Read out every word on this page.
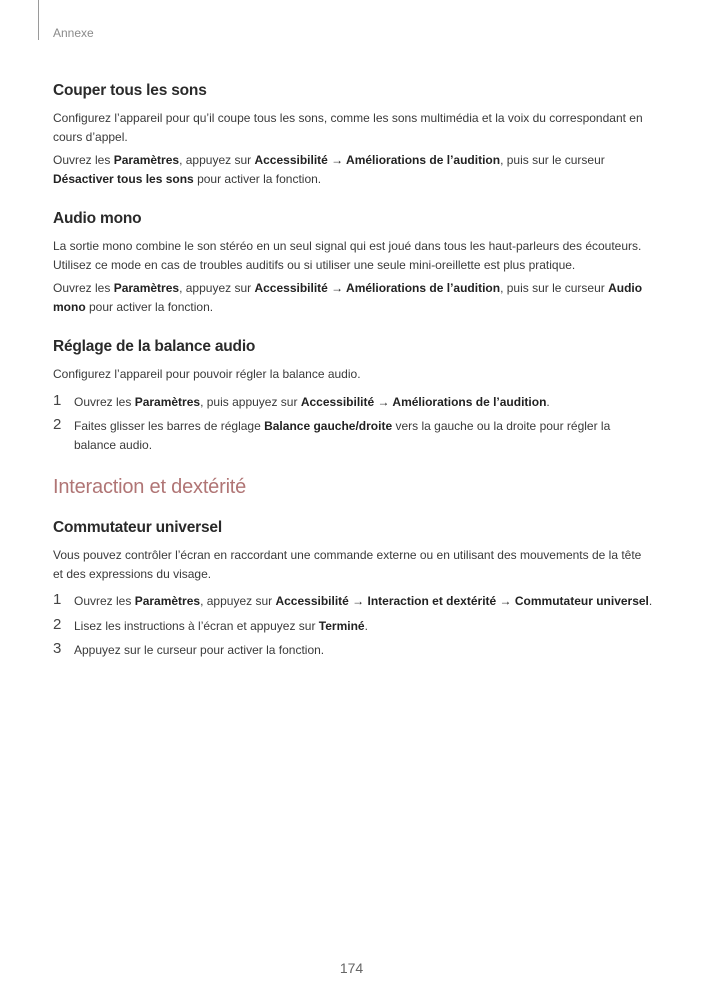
Annexe
Couper tous les sons

Configurez l’appareil pour qu’il coupe tous les sons, comme les sons multimédia et la voix du correspondant en cours d’appel.

Ouvrez les Paramètres, appuyez sur Accessibilité → Améliorations de l’audition, puis sur le curseur Désactiver tous les sons pour activer la fonction.

Audio mono

La sortie mono combine le son stéréo en un seul signal qui est joué dans tous les haut-parleurs des écouteurs. Utilisez ce mode en cas de troubles auditifs ou si utiliser une seule mini-oreillette est plus pratique.

Ouvrez les Paramètres, appuyez sur Accessibilité → Améliorations de l’audition, puis sur le curseur Audio mono pour activer la fonction.

Réglage de la balance audio

Configurez l’appareil pour pouvoir régler la balance audio.

1 Ouvrez les Paramètres, puis appuyez sur Accessibilité → Améliorations de l’audition.
2 Faites glisser les barres de réglage Balance gauche/droite vers la gauche ou la droite pour régler la balance audio.
Interaction et dextérité
Commutateur universel

Vous pouvez contrôler l’écran en raccordant une commande externe ou en utilisant des mouvements de la tête et des expressions du visage.

1 Ouvrez les Paramètres, appuyez sur Accessibilité → Interaction et dextérité → Commutateur universel.
2 Lisez les instructions à l’écran et appuyez sur Terminé.
3 Appuyez sur le curseur pour activer la fonction.
174
